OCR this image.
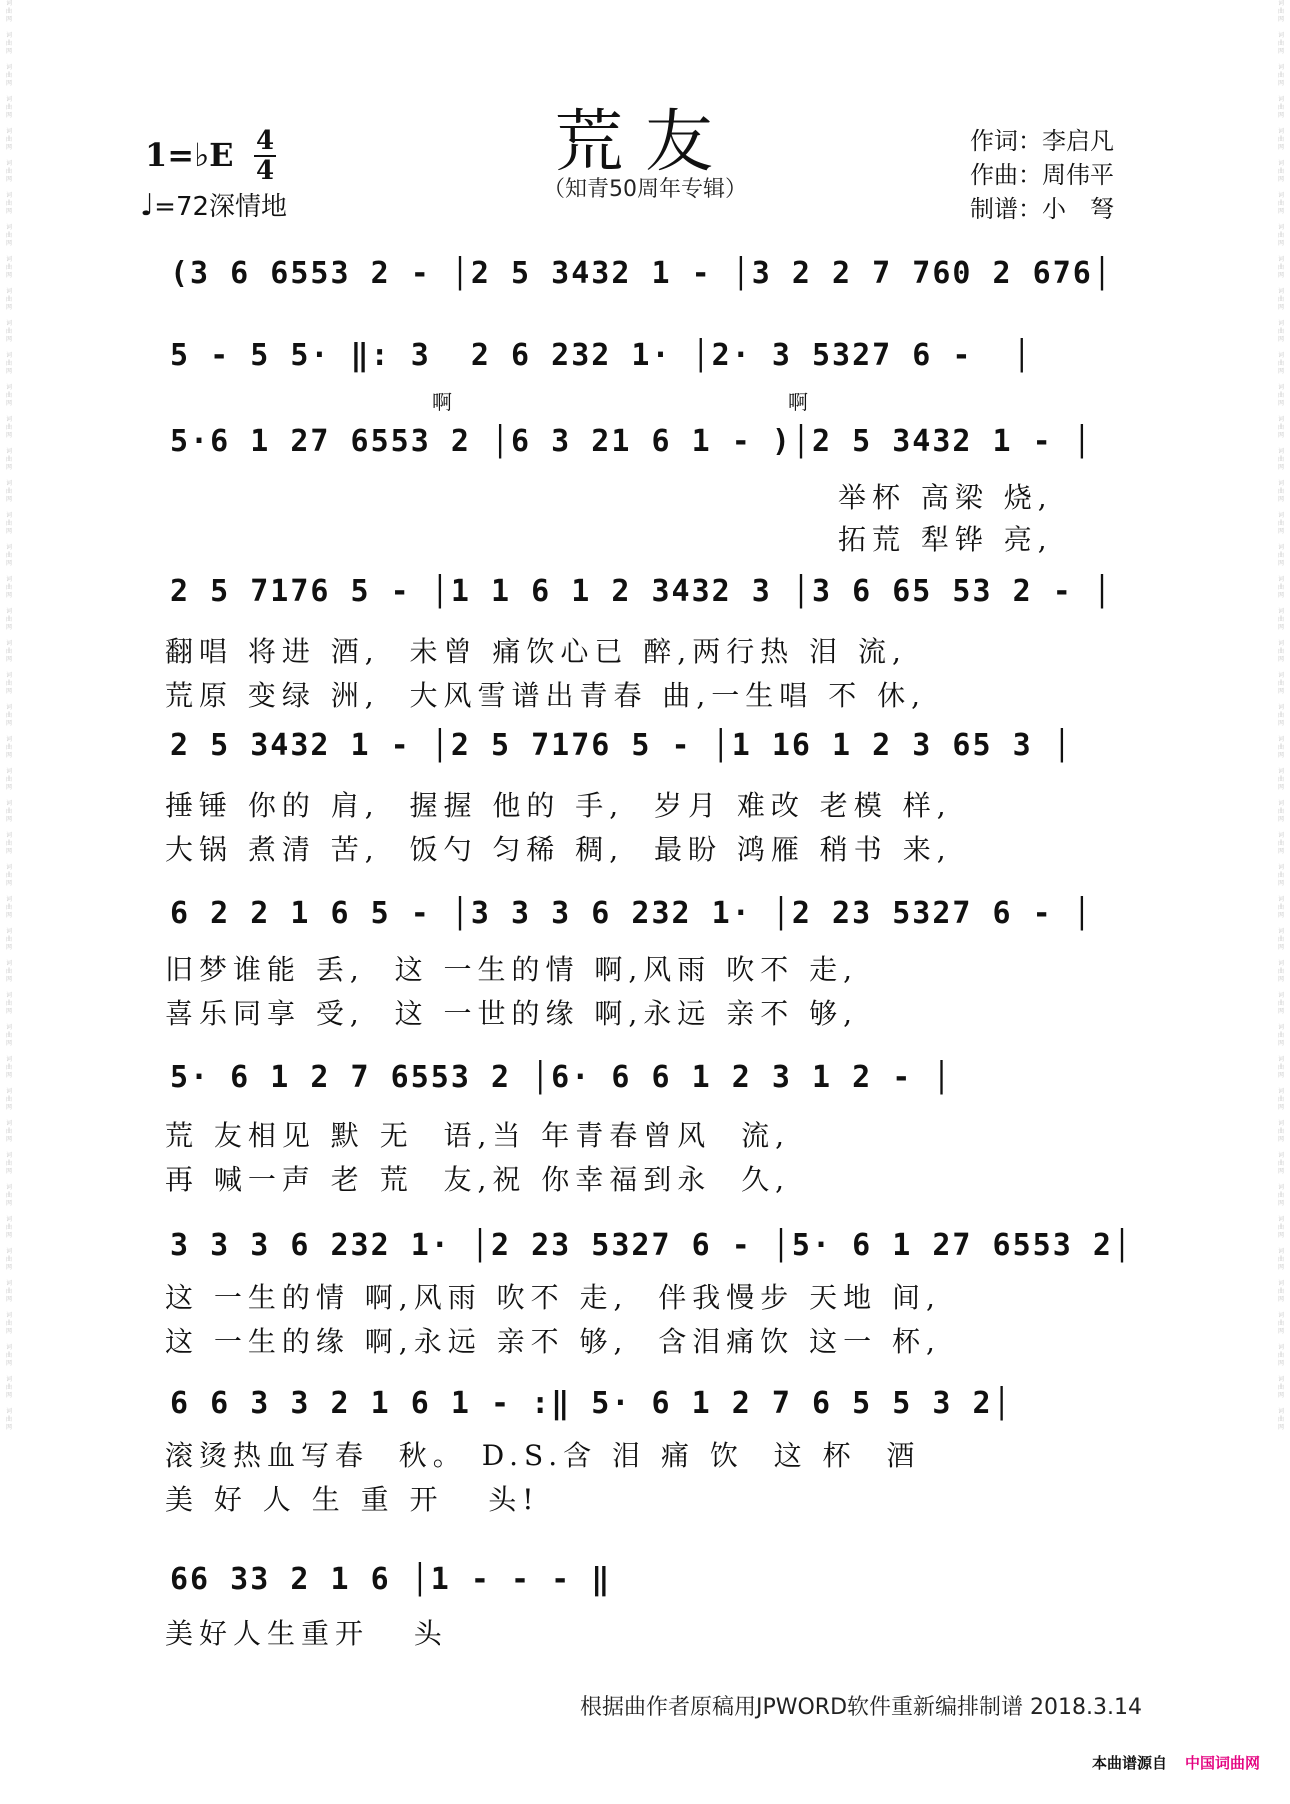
词
曲
网

词
曲
网

词
曲
网

词
曲
网

词
曲
网

词
曲
网

词
曲
网

词
曲
网

词
曲
网

词
曲
网

词
曲
网

词
曲
网

词
曲
网

词
曲
网

词
曲
网

词
曲
网

词
曲
网

词
曲
网

词
曲
网

词
曲
网

词
曲
网

词
曲
网

词
曲
网

词
曲
网

词
曲
网

词
曲
网

词
曲
网

词
曲
网

词
曲
网

词
曲
网

词
曲
网

词
曲
网

词
曲
网

词
曲
网

词
曲
网

词
曲
网

词
曲
网

词
曲
网

词
曲
网

词
曲
网

词
曲
网

词
曲
网

词
曲
网

词
曲
网

词
曲
网
词
曲
网

词
曲
网

词
曲
网

词
曲
网

词
曲
网

词
曲
网

词
曲
网

词
曲
网

词
曲
网

词
曲
网

词
曲
网

词
曲
网

词
曲
网

词
曲
网

词
曲
网

词
曲
网

词
曲
网

词
曲
网

词
曲
网

词
曲
网

词
曲
网

词
曲
网

词
曲
网

词
曲
网

词
曲
网

词
曲
网

词
曲
网

词
曲
网

词
曲
网

词
曲
网

词
曲
网

词
曲
网

词
曲
网

词
曲
网

词
曲
网

词
曲
网

词
曲
网

词
曲
网

词
曲
网

词
曲
网

词
曲
网

词
曲
网

词
曲
网

词
曲
网

词
曲
网
1=♭E 4
4
♩=72深情地
荒友
（知青50周年专辑）
作词：李启凡
作曲：周伟平
制谱：小　弩
(3 6 6553 2 - │2 5 3432 1 - │3 2 2 7 760 2 676│
5 - 5 5· ‖: 3  2 6 232 1· │2· 3 5327 6 -  │
啊	啊
5·6 1 27 6553 2 │6 3 21 6 1 - )│2 5 3432 1 - │
举杯 高梁 烧,
拓荒 犁铧 亮,
2 5 7176 5 - │1 1 6 1 2 3432 3 │3 6 65 53 2 - │
翻唱 将进 酒,  未曾 痛饮心已 醉,两行热 泪 流,
荒原 变绿 洲,  大风雪谱出青春 曲,一生唱 不 休,
2 5 3432 1 - │2 5 7176 5 - │1 16 1 2 3 65 3 │
捶锤 你的 肩,  握握 他的 手,  岁月 难改 老模 样,
大锅 煮清 苦,  饭勺 匀稀 稠,  最盼 鸿雁 稍书 来,
6 2 2 1 6 5 - │3 3 3 6 232 1· │2 23 5327 6 - │
旧梦谁能 丢,  这 一生的情 啊,风雨 吹不 走,
喜乐同享 受,  这 一世的缘 啊,永远 亲不 够,
5· 6 1 2 7 6553 2 │6· 6 6 1 2 3 1 2 - │
荒 友相见 默 无  语,当 年青春曾风  流,
再 喊一声 老 荒  友,祝 你幸福到永  久,
3 3 3 6 232 1· │2 23 5327 6 - │5· 6 1 27 6553 2│
这 一生的情 啊,风雨 吹不 走,  伴我慢步 天地 间,
这 一生的缘 啊,永远 亲不 够,  含泪痛饮 这一 杯,
6 6 3 3 2 1 6 1 - :‖ 5· 6 1 2 7 6 5 5 3 2│
滚烫热血写春  秋。 D.S.含 泪 痛 饮  这 杯  酒
美 好 人 生 重 开   头!
66 33 2 1 6 │1 - - - ‖
美好人生重开   头
根据曲作者原稿用JPWORD软件重新编排制谱 2018.3.14
本曲谱源自 中国词曲网
